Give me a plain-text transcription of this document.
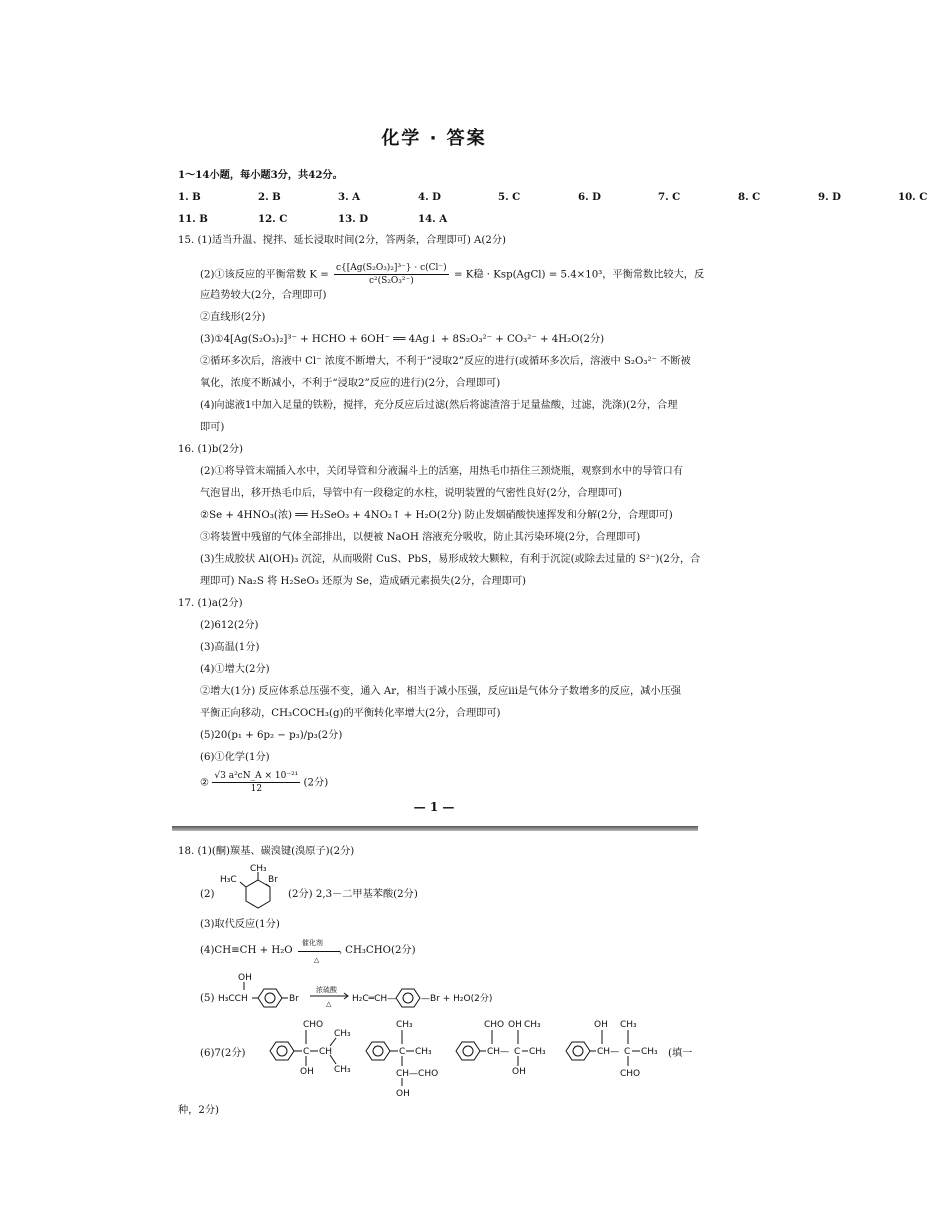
化学 · 答案
1～14小题，每小题3分，共42分。
1. B	2. B	3. A	4. D	5. C	6. D	7. C	8. C	9. D	10. C
11. B	12. C	13. D	14. A
15. (1)适当升温、搅拌、延长浸取时间(2分，答两条，合理即可) A(2分)
(2)①该反应的平衡常数 $K = \frac{\text{c\{[Ag(S₂O₃)₂]³⁻\} · c(Cl⁻)}}{\text{c²(S₂O₃²⁻)}} = K$稳 · Ksp(AgCl) = 5.4×10³，平衡常数比较大，反
应趋势较大(2分，合理即可)
②直线形(2分)
(3)①4[Ag(S₂O₃)₂]³⁻ + HCHO + 6OH⁻ ══ 4Ag↓ + 8S₂O₃²⁻ + CO₃²⁻ + 4H₂O(2分)
②循环多次后，溶液中 Cl⁻ 浓度不断增大，不利于“浸取2”反应的进行(或循环多次后，溶液中 S₂O₃²⁻ 不断被
氧化，浓度不断减小，不利于“浸取2”反应的进行)(2分，合理即可)
(4)向滤液1中加入足量的铁粉，搅拌，充分反应后过滤(然后将滤渣溶于足量盐酸，过滤，洗涤)(2分，合理
即可)
16. (1)b(2分)
(2)①将导管末端插入水中，关闭导管和分液漏斗上的活塞，用热毛巾捂住三颈烧瓶，观察到水中的导管口有
气泡冒出，移开热毛巾后，导管中有一段稳定的水柱，说明装置的气密性良好(2分，合理即可)
②Se + 4HNO₃(浓) ══ H₂SeO₃ + 4NO₂↑ + H₂O(2分) 防止发烟硝酸快速挥发和分解(2分，合理即可)
③将装置中残留的气体全部排出，以便被 NaOH 溶液充分吸收，防止其污染环境(2分，合理即可)
(3)生成胶状 Al(OH)₃ 沉淀，从而吸附 CuS、PbS，易形成较大颗粒，有利于沉淀(或除去过量的 S²⁻)(2分，合
理即可) Na₂S 将 H₂SeO₃ 还原为 Se，造成硒元素损失(2分，合理即可)
17. (1)a(2分)
(2)612(2分)
(3)高温(1分)
(4)①增大(2分)
②增大(1分) 反应体系总压强不变，通入 Ar，相当于减小压强，反应ⅲ是气体分子数增多的反应，减小压强
平衡正向移动，CH₃COCH₃(g)的平衡转化率增大(2分，合理即可)
(5)20(p₁ + 6p₂ − p₃)/p₃(2分)
(6)①化学(1分)
② $\frac{\text{√3 a²cN\_A × 10⁻²¹}}{12} (2$分)
— 1 —
18. (1)(酮)羰基、碳溴键(溴原子)(2分)
(2)
CH₃
H₃C	Br
(2分) 2,3－二甲基苯酸(2分)
(3)取代反应(1分)
(4)CH≡CH + H₂O
催化剂
›
△
CH₃CHO(2分)
(5)
OH
H₃CCH	Br
浓硫酸
△ H₂C═CH—	—Br + H₂O(2分)
(6)7(2分)	C
CHO
OH
CH
CH₃
CH₃
C
CH₃
CH₃
CH—CHO
OH
CH—
CHO
C
OH CH₃
CH₃
OH
CH—
OH
C
CH₃
CH₃
CHO
(填一
种，2分)
